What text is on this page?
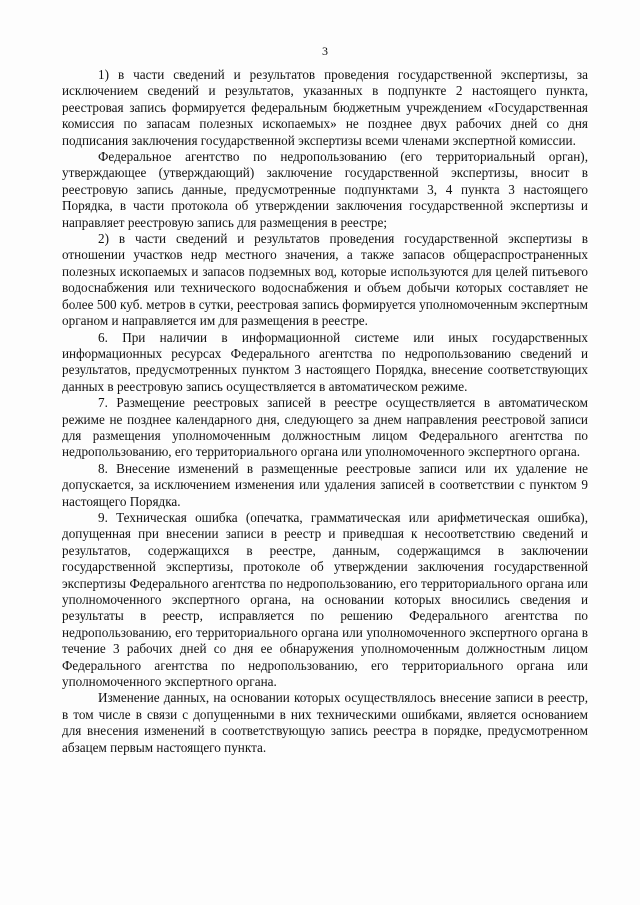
3

1) в части сведений и результатов проведения государственной экспертизы, за исключением сведений и результатов, указанных в подпункте 2 настоящего пункта, реестровая запись формируется федеральным бюджетным учреждением «Государственная комиссия по запасам полезных ископаемых» не позднее двух рабочих дней со дня подписания заключения государственной экспертизы всеми членами экспертной комиссии.

Федеральное агентство по недропользованию (его территориальный орган), утверждающее (утверждающий) заключение государственной экспертизы, вносит в реестровую запись данные, предусмотренные подпунктами 3, 4 пункта 3 настоящего Порядка, в части протокола об утверждении заключения государственной экспертизы и направляет реестровую запись для размещения в реестре;

2) в части сведений и результатов проведения государственной экспертизы в отношении участков недр местного значения, а также запасов общераспространенных полезных ископаемых и запасов подземных вод, которые используются для целей питьевого водоснабжения или технического водоснабжения и объем добычи которых составляет не более 500 куб. метров в сутки, реестровая запись формируется уполномоченным экспертным органом и направляется им для размещения в реестре.

6. При наличии в информационной системе или иных государственных информационных ресурсах Федерального агентства по недропользованию сведений и результатов, предусмотренных пунктом 3 настоящего Порядка, внесение соответствующих данных в реестровую запись осуществляется в автоматическом режиме.

7. Размещение реестровых записей в реестре осуществляется в автоматическом режиме не позднее календарного дня, следующего за днем направления реестровой записи для размещения уполномоченным должностным лицом Федерального агентства по недропользованию, его территориального органа или уполномоченного экспертного органа.

8. Внесение изменений в размещенные реестровые записи или их удаление не допускается, за исключением изменения или удаления записей в соответствии с пунктом 9 настоящего Порядка.

9. Техническая ошибка (опечатка, грамматическая или арифметическая ошибка), допущенная при внесении записи в реестр и приведшая к несоответствию сведений и результатов, содержащихся в реестре, данным, содержащимся в заключении государственной экспертизы, протоколе об утверждении заключения государственной экспертизы Федерального агентства по недропользованию, его территориального органа или уполномоченного экспертного органа, на основании которых вносились сведения и результаты в реестр, исправляется по решению Федерального агентства по недропользованию, его территориального органа или уполномоченного экспертного органа в течение 3 рабочих дней со дня ее обнаружения уполномоченным должностным лицом Федерального агентства по недропользованию, его территориального органа или уполномоченного экспертного органа.

Изменение данных, на основании которых осуществлялось внесение записи в реестр, в том числе в связи с допущенными в них техническими ошибками, является основанием для внесения изменений в соответствующую запись реестра в порядке, предусмотренном абзацем первым настоящего пункта.
